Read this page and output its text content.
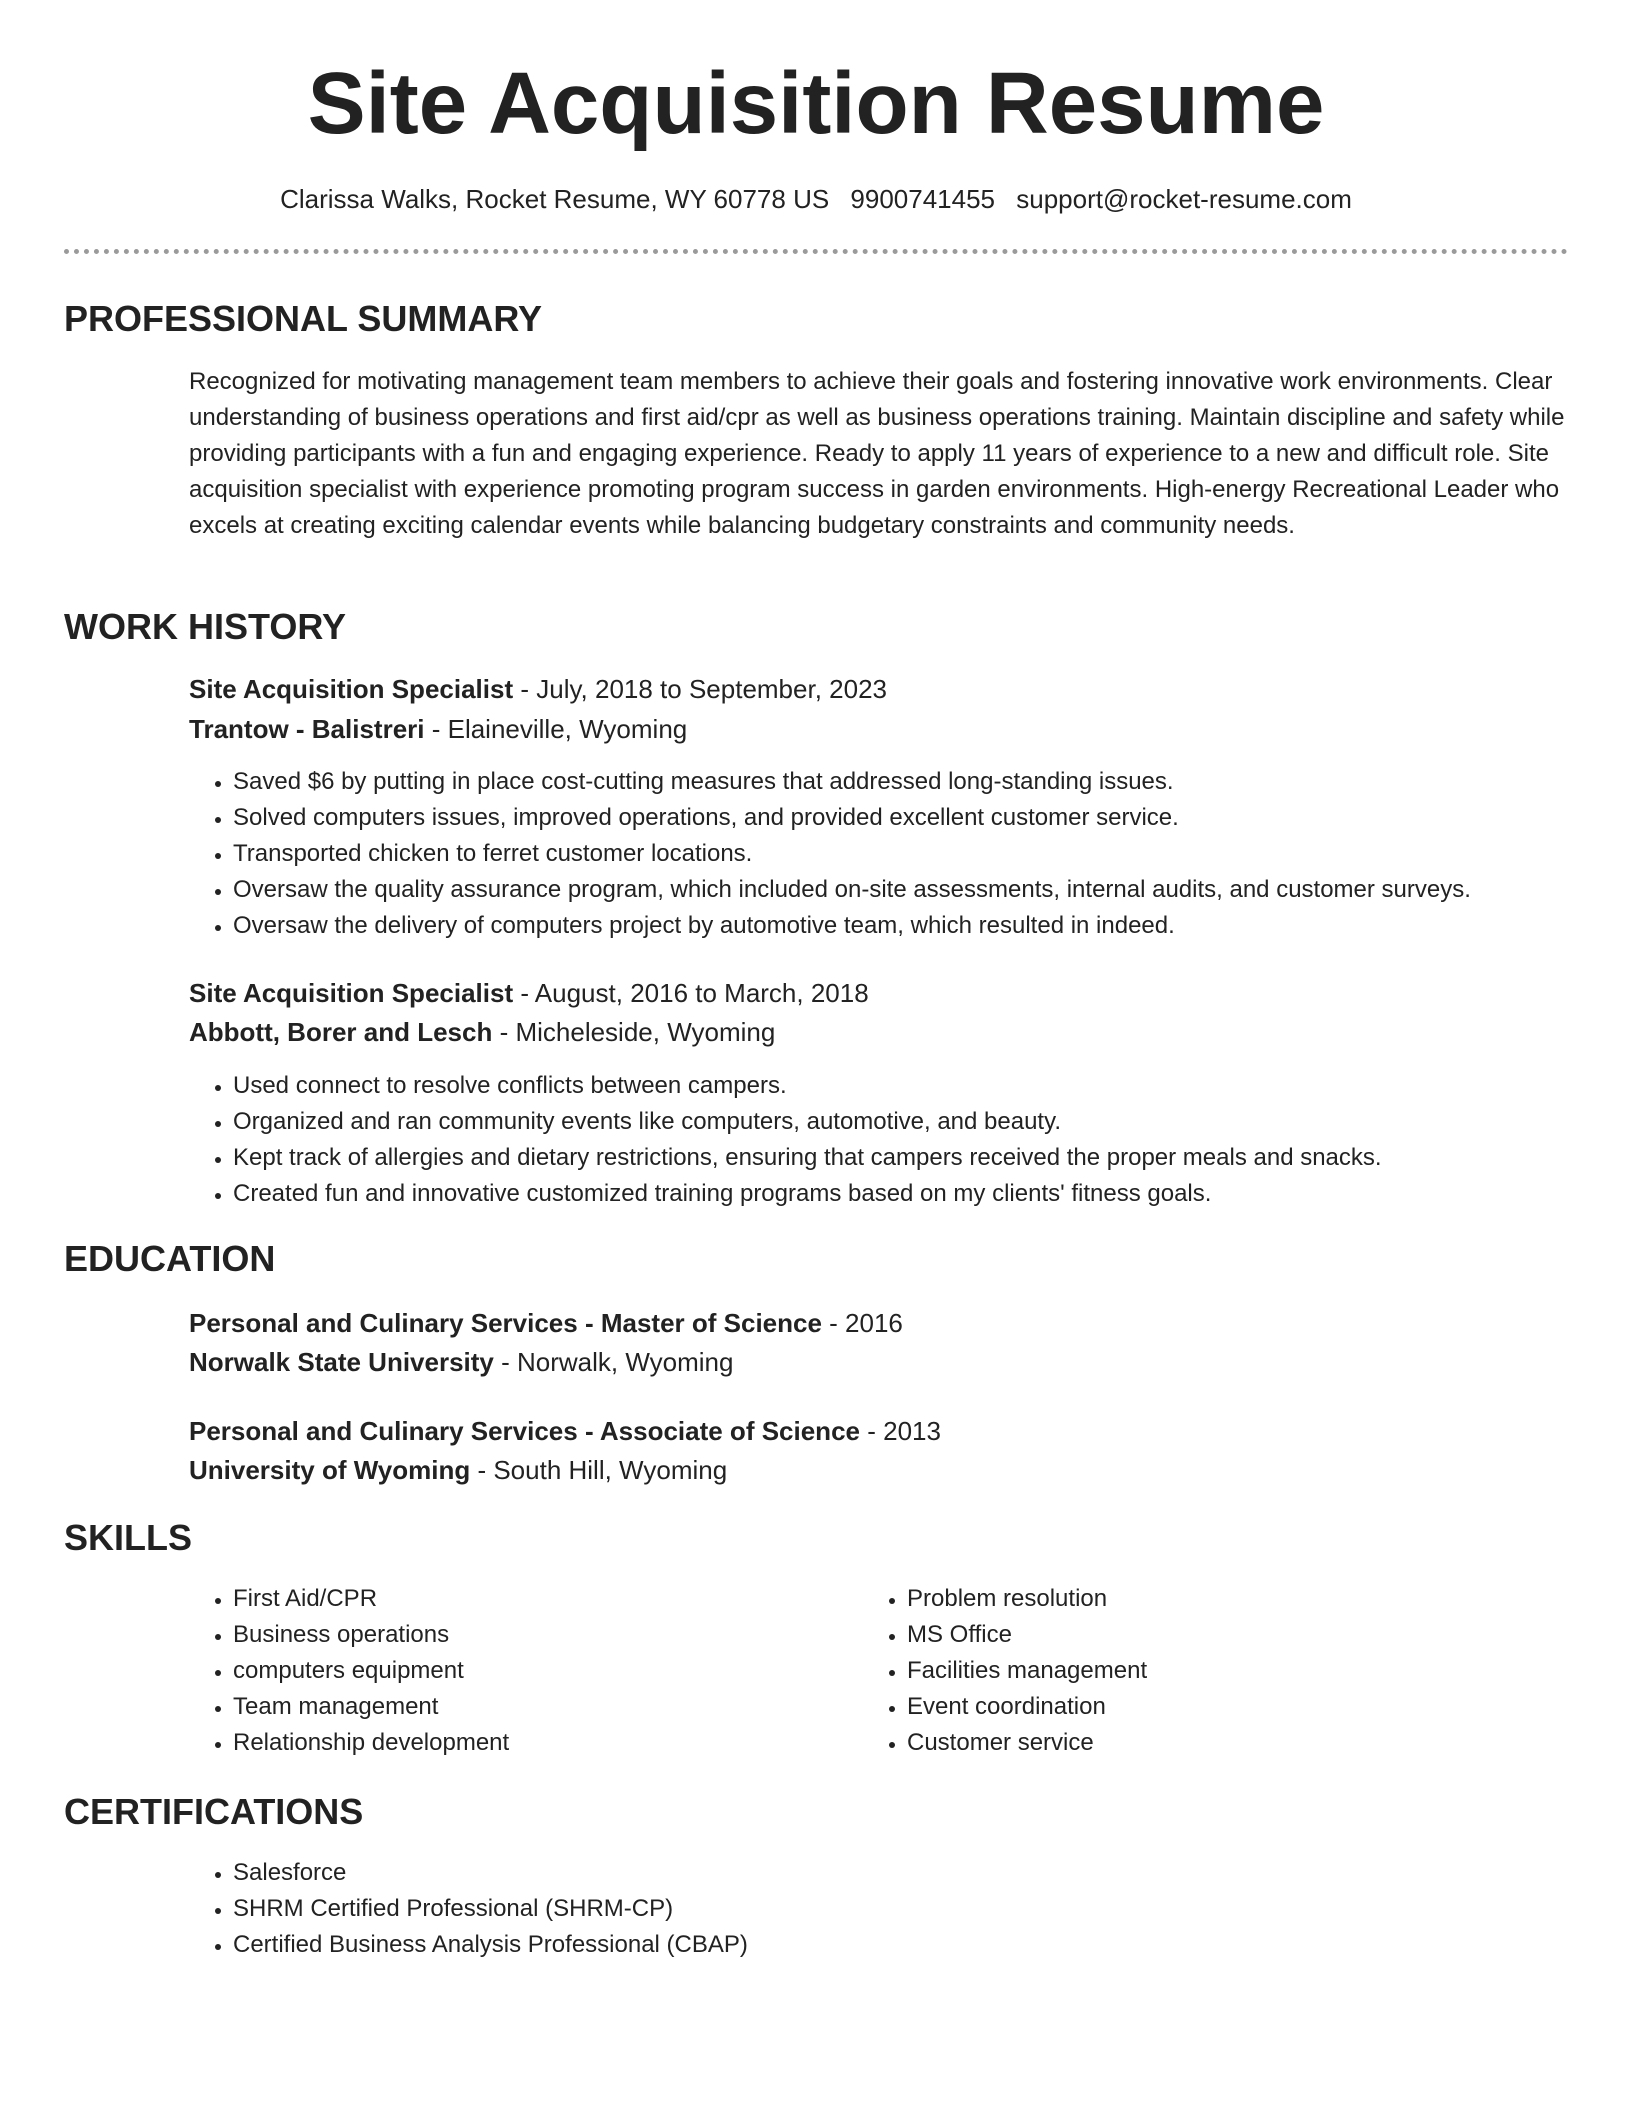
Site Acquisition Resume
Clarissa Walks, Rocket Resume, WY 60778 US 9900741455 support@rocket-resume.com
PROFESSIONAL SUMMARY

Recognized for motivating management team members to achieve their goals and fostering innovative work environments. Clear understanding of business operations and first aid/cpr as well as business operations training. Maintain discipline and safety while providing participants with a fun and engaging experience. Ready to apply 11 years of experience to a new and difficult role. Site acquisition specialist with experience promoting program success in garden environments. High-energy Recreational Leader who excels at creating exciting calendar events while balancing budgetary constraints and community needs.

WORK HISTORY
Site Acquisition Specialist - July, 2018 to September, 2023
Trantow - Balistreri - Elaineville, Wyoming
• Saved $6 by putting in place cost-cutting measures that addressed long-standing issues.
• Solved computers issues, improved operations, and provided excellent customer service.
• Transported chicken to ferret customer locations.
• Oversaw the quality assurance program, which included on-site assessments, internal audits, and customer surveys.
• Oversaw the delivery of computers project by automotive team, which resulted in indeed.
Site Acquisition Specialist - August, 2016 to March, 2018
Abbott, Borer and Lesch - Micheleside, Wyoming
• Used connect to resolve conflicts between campers.
• Organized and ran community events like computers, automotive, and beauty.
• Kept track of allergies and dietary restrictions, ensuring that campers received the proper meals and snacks.
• Created fun and innovative customized training programs based on my clients' fitness goals.
EDUCATION
Personal and Culinary Services - Master of Science - 2016
Norwalk State University - Norwalk, Wyoming
Personal and Culinary Services - Associate of Science - 2013
University of Wyoming - South Hill, Wyoming
SKILLS
• First Aid/CPR
• Business operations
• computers equipment
• Team management
• Relationship development
• Problem resolution
• MS Office
• Facilities management
• Event coordination
• Customer service
CERTIFICATIONS
• Salesforce
• SHRM Certified Professional (SHRM-CP)
• Certified Business Analysis Professional (CBAP)
